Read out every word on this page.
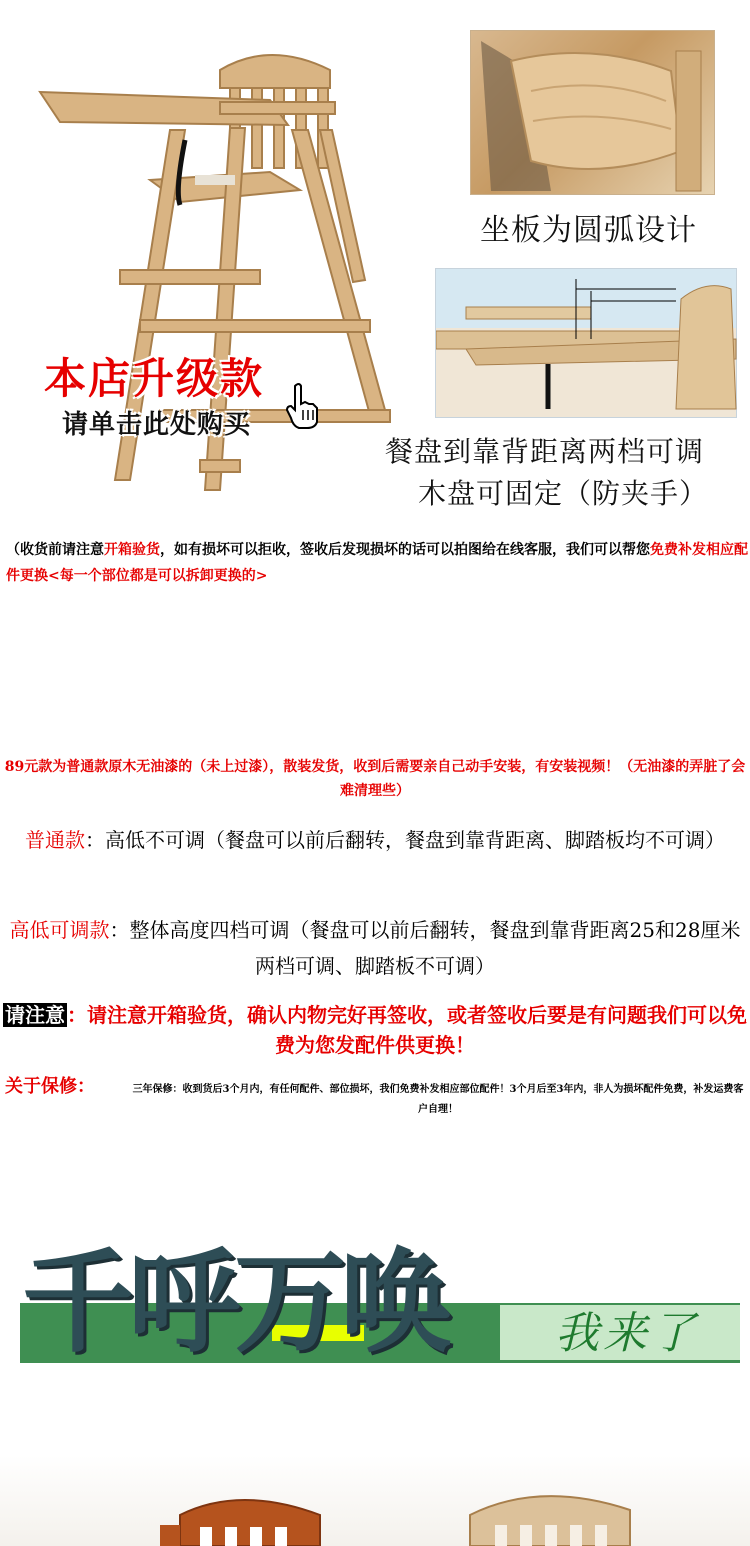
本店升级款
请单击此处购买
坐板为圆弧设计
餐盘到靠背距离两档可调
木盘可固定（防夹手）
（收货前请注意开箱验货，如有损坏可以拒收，签收后发现损坏的话可以拍图给在线客服，我们可以帮您免费补发相应配件更换<每一个部位都是可以拆卸更换的>
89元款为普通款原木无油漆的（未上过漆），散装发货，收到后需要亲自己动手安装，有安装视频！（无油漆的弄脏了会难清理些）
普通款：高低不可调（餐盘可以前后翻转，餐盘到靠背距离、脚踏板均不可调）
高低可调款：整体高度四档可调（餐盘可以前后翻转，餐盘到靠背距离25和28厘米两档可调、脚踏板不可调）
请注意 ：请注意开箱验货，确认内物完好再签收，或者签收后要是有问题我们可以免费为您发配件供更换！
关于保修：	三年保修：收到货后3个月内，有任何配件、部位损坏，我们免费补发相应部位配件！3个月后至3年内，非人为损坏配件免费，补发运费客户自理！
千呼万唤 我来了
